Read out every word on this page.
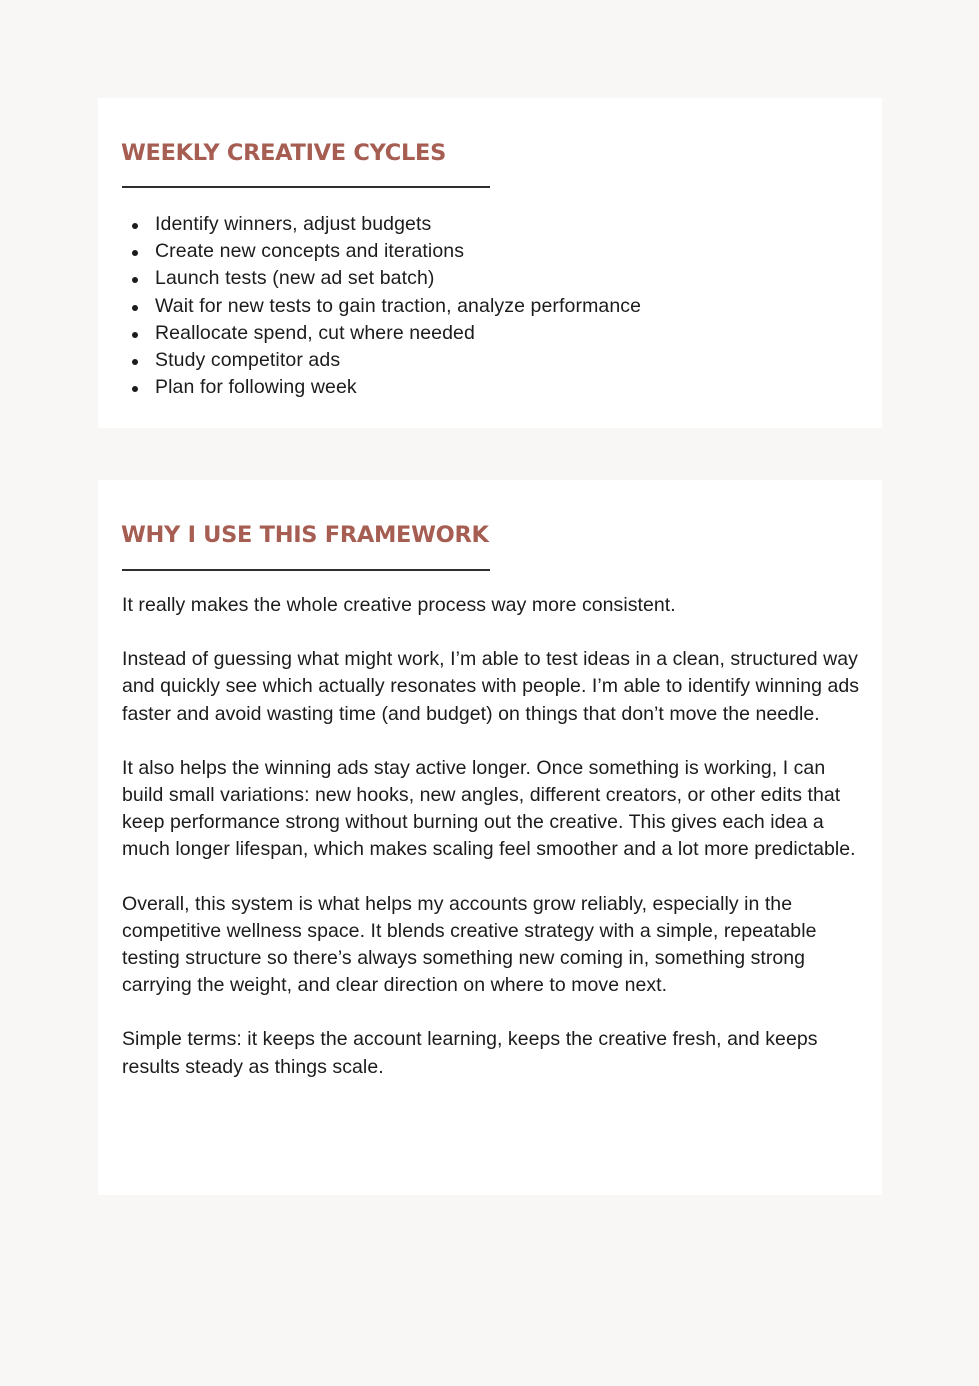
WEEKLY CREATIVE CYCLES
Identify winners, adjust budgets
Create new concepts and iterations
Launch tests (new ad set batch)
Wait for new tests to gain traction, analyze performance
Reallocate spend, cut where needed
Study competitor ads
Plan for following week
WHY I USE THIS FRAMEWORK

It really makes the whole creative process way more consistent.

Instead of guessing what might work, I’m able to test ideas in a clean, structured way and quickly see which actually resonates with people. I’m able to identify winning ads faster and avoid wasting time (and budget) on things that don’t move the needle.

It also helps the winning ads stay active longer. Once something is working, I can build small variations: new hooks, new angles, different creators, or other edits that keep performance strong without burning out the creative. This gives each idea a much longer lifespan, which makes scaling feel smoother and a lot more predictable.

Overall, this system is what helps my accounts grow reliably, especially in the competitive wellness space. It blends creative strategy with a simple, repeatable testing structure so there’s always something new coming in, something strong carrying the weight, and clear direction on where to move next.

Simple terms: it keeps the account learning, keeps the creative fresh, and keeps results steady as things scale.
